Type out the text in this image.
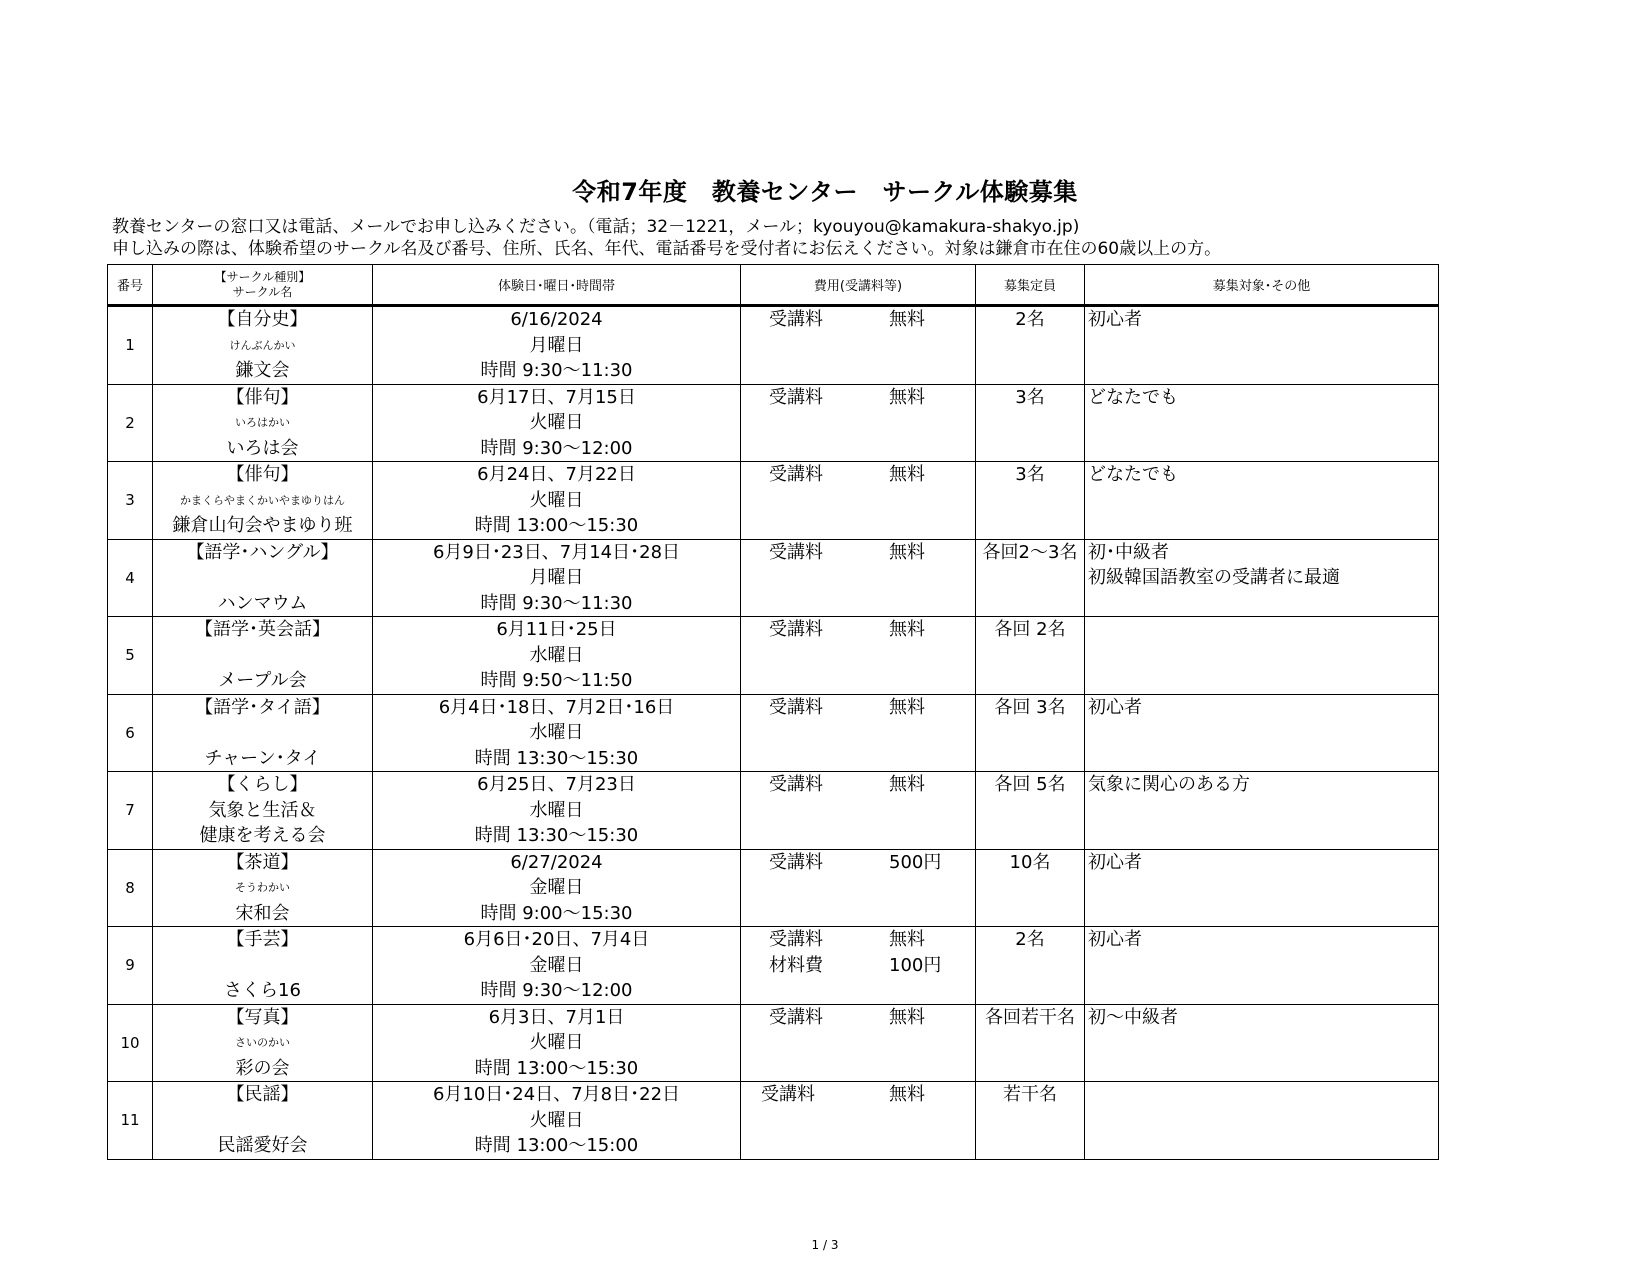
令和7年度　教養センター　サークル体験募集
教養センターの窓口又は電話、メールでお申し込みください。（電話；32－1221，メール；kyouyou@kamakura-shakyo.jp)
申し込みの際は、体験希望のサークル名及び番号、住所、氏名、年代、電話番号を受付者にお伝えください。対象は鎌倉市在住の60歳以上の方。
番号	【サークル種別】
サークル名	体験日･曜日･時間帯	費用(受講料等)	募集定員	募集対象･その他
1	【自分史】
けんぶんかい
鎌文会	6/16/2024
月曜日
時間 9:30～11:30	受講料 無料	2名	初心者

2	【俳句】
いろはかい
いろは会	6月17日、7月15日
火曜日
時間 9:30～12:00	受講料 無料	3名	どなたでも

3	【俳句】
かまくらやまくかいやまゆりはん
鎌倉山句会やまゆり班	6月24日、7月22日
火曜日
時間 13:00～15:30	受講料 無料	3名	どなたでも

4	【語学･ハングル】
ハンマウム	6月9日･23日、7月14日･28日
月曜日
時間 9:30～11:30	受講料 無料	各回2～3名	初･中級者
初級韓国語教室の受講者に最適

5	【語学･英会話】
メープル会	6月11日･25日
水曜日
時間 9:50～11:50	受講料 無料	各回 2名	

6	【語学･タイ語】
チャーン･タイ	6月4日･18日、7月2日･16日
水曜日
時間 13:30～15:30	受講料 無料	各回 3名	初心者

7	【くらし】
気象と生活＆
健康を考える会	6月25日、7月23日
水曜日
時間 13:30～15:30	受講料 無料	各回 5名	気象に関心のある方

8	【茶道】
そうわかい
宋和会	6/27/2024
金曜日
時間 9:00～15:30	受講料 500円	10名	初心者

9	【手芸】
さくら16	6月6日･20日、7月4日
金曜日
時間 9:30～12:00	受講料 無料
材料費 100円	2名	初心者

10	【写真】
さいのかい
彩の会	6月3日、7月1日
火曜日
時間 13:00～15:30	受講料 無料	各回若干名	初～中級者

11	【民謡】
民謡愛好会	6月10日･24日、7月8日･22日
火曜日
時間 13:00～15:00	受講料 無料	若干名	

1 / 3
